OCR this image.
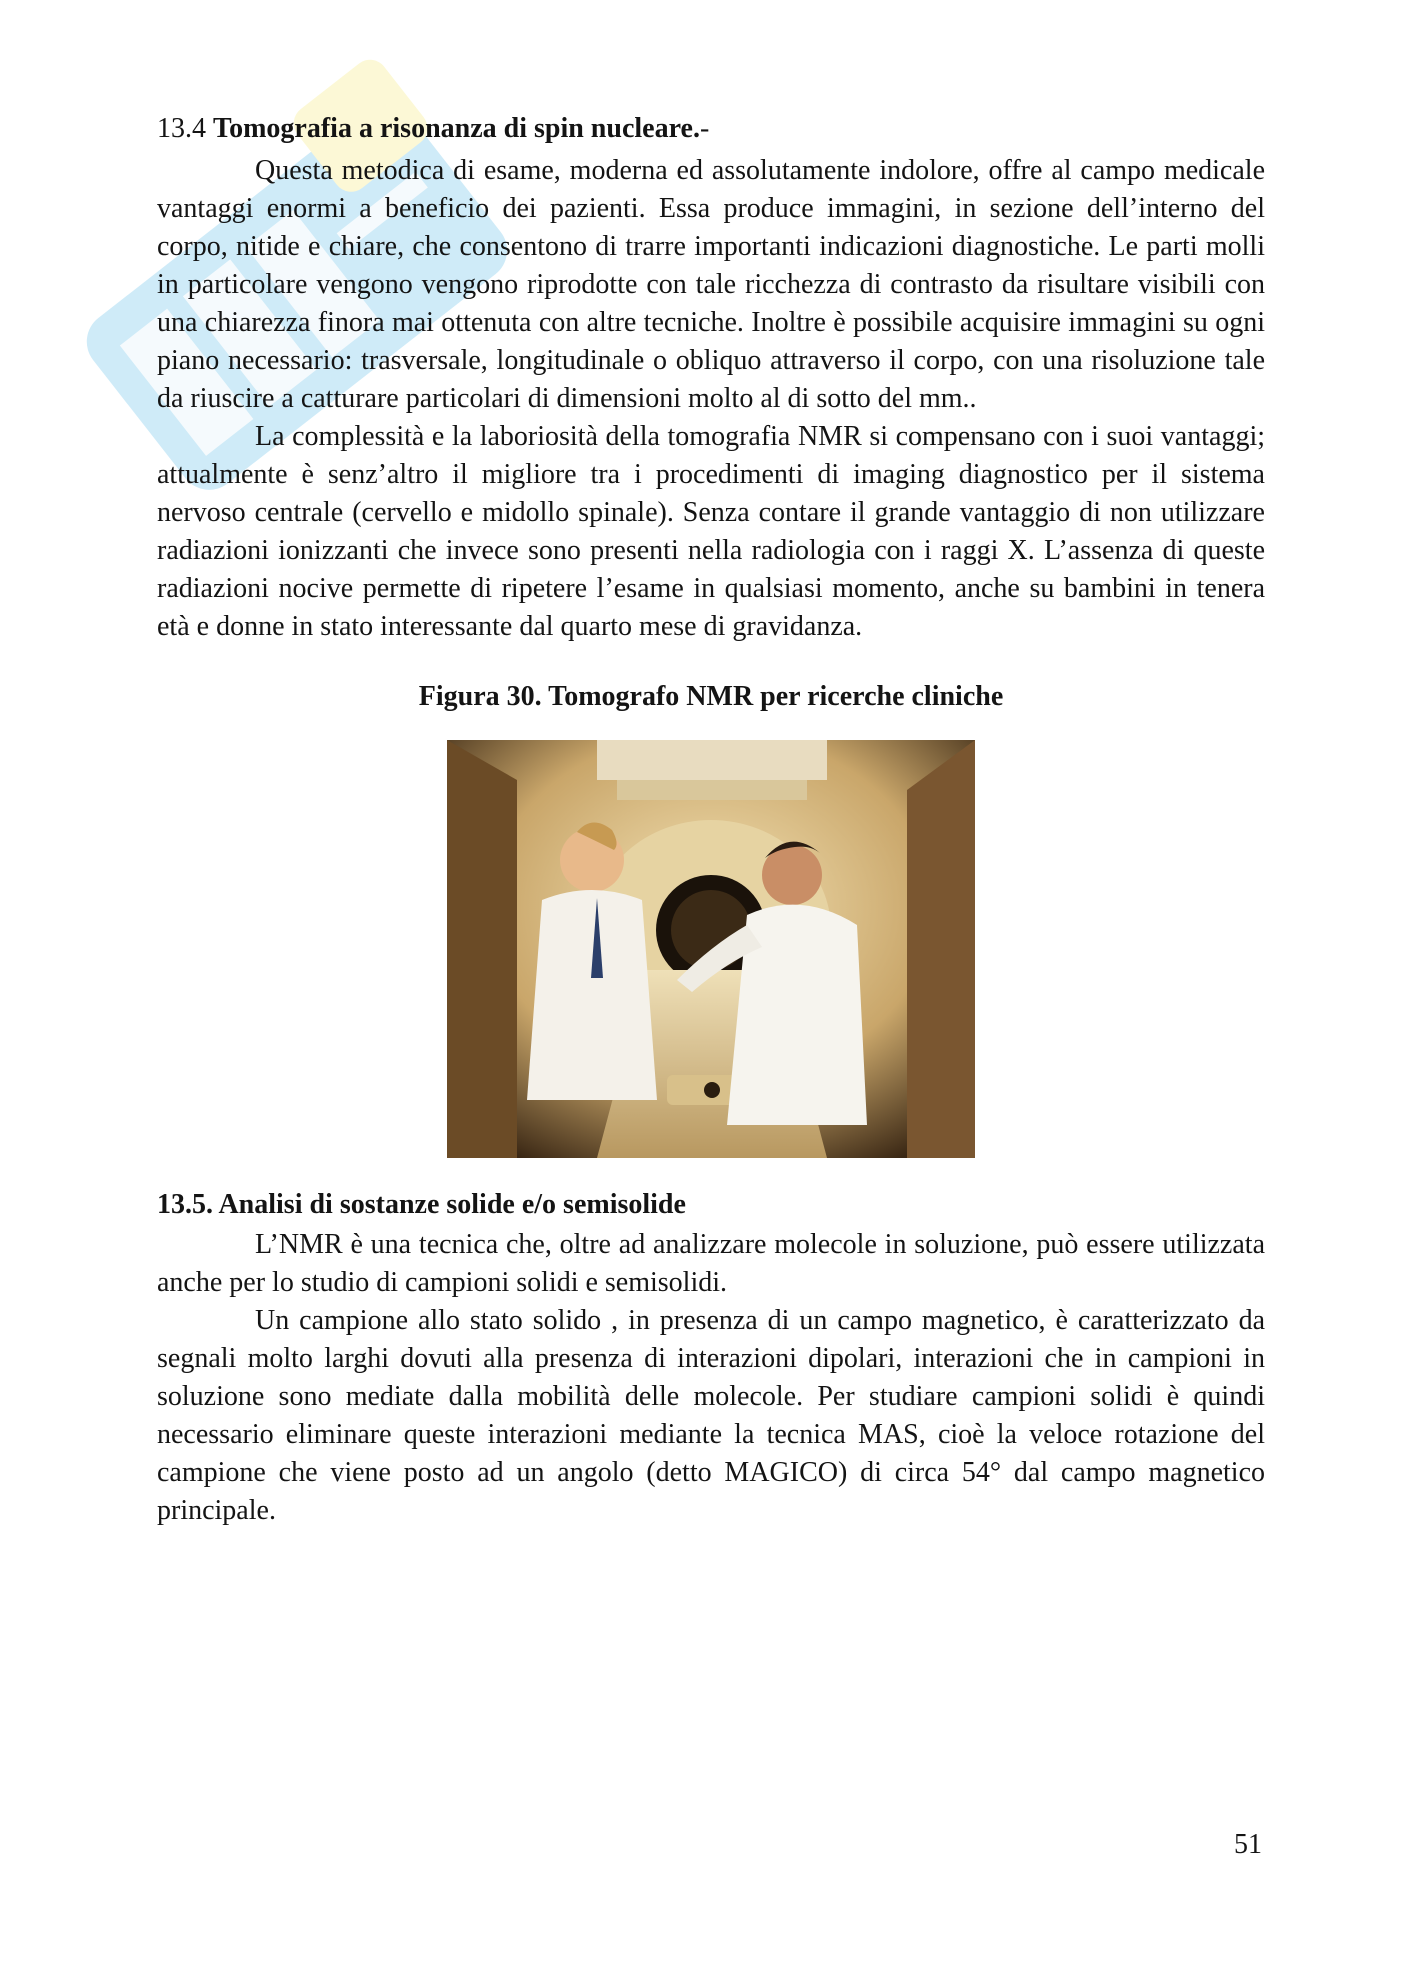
13.4 Tomografia a risonanza di spin nucleare.-

Questa metodica di esame, moderna ed assolutamente indolore, offre al campo medicale vantaggi enormi a beneficio dei pazienti. Essa produce immagini, in sezione dell’interno del corpo, nitide e chiare, che consentono di trarre importanti indicazioni diagnostiche. Le parti molli in particolare vengono vengono riprodotte con tale ricchezza di contrasto da risultare visibili con una chiarezza finora mai ottenuta con altre tecniche. Inoltre è possibile acquisire immagini su ogni piano necessario: trasversale, longitudinale o obliquo attraverso il corpo, con una risoluzione tale da riuscire a catturare particolari di dimensioni molto al di sotto del mm..

La complessità e la laboriosità della tomografia NMR si compensano con i suoi vantaggi; attualmente è senz’altro il migliore tra i procedimenti di imaging diagnostico per il sistema nervoso centrale (cervello e midollo spinale). Senza contare il grande vantaggio di non utilizzare radiazioni ionizzanti che invece sono presenti nella radiologia con i raggi X. L’assenza di queste radiazioni nocive permette di ripetere l’esame in qualsiasi momento, anche su bambini in tenera età e donne in stato interessante dal quarto mese di gravidanza.

Figura 30. Tomografo NMR per ricerche cliniche
13.5. Analisi di sostanze solide e/o semisolide

L’NMR è una tecnica che, oltre ad analizzare molecole in soluzione, può essere utilizzata anche per lo studio di campioni solidi e semisolidi.

Un campione allo stato solido , in presenza di un campo magnetico, è caratterizzato da segnali molto larghi dovuti alla presenza di interazioni dipolari, interazioni che in campioni in soluzione sono mediate dalla mobilità delle molecole. Per studiare campioni solidi è quindi necessario eliminare queste interazioni mediante la tecnica MAS, cioè la veloce rotazione del campione che viene posto ad un angolo (detto MAGICO) di circa 54° dal campo magnetico principale.

51
